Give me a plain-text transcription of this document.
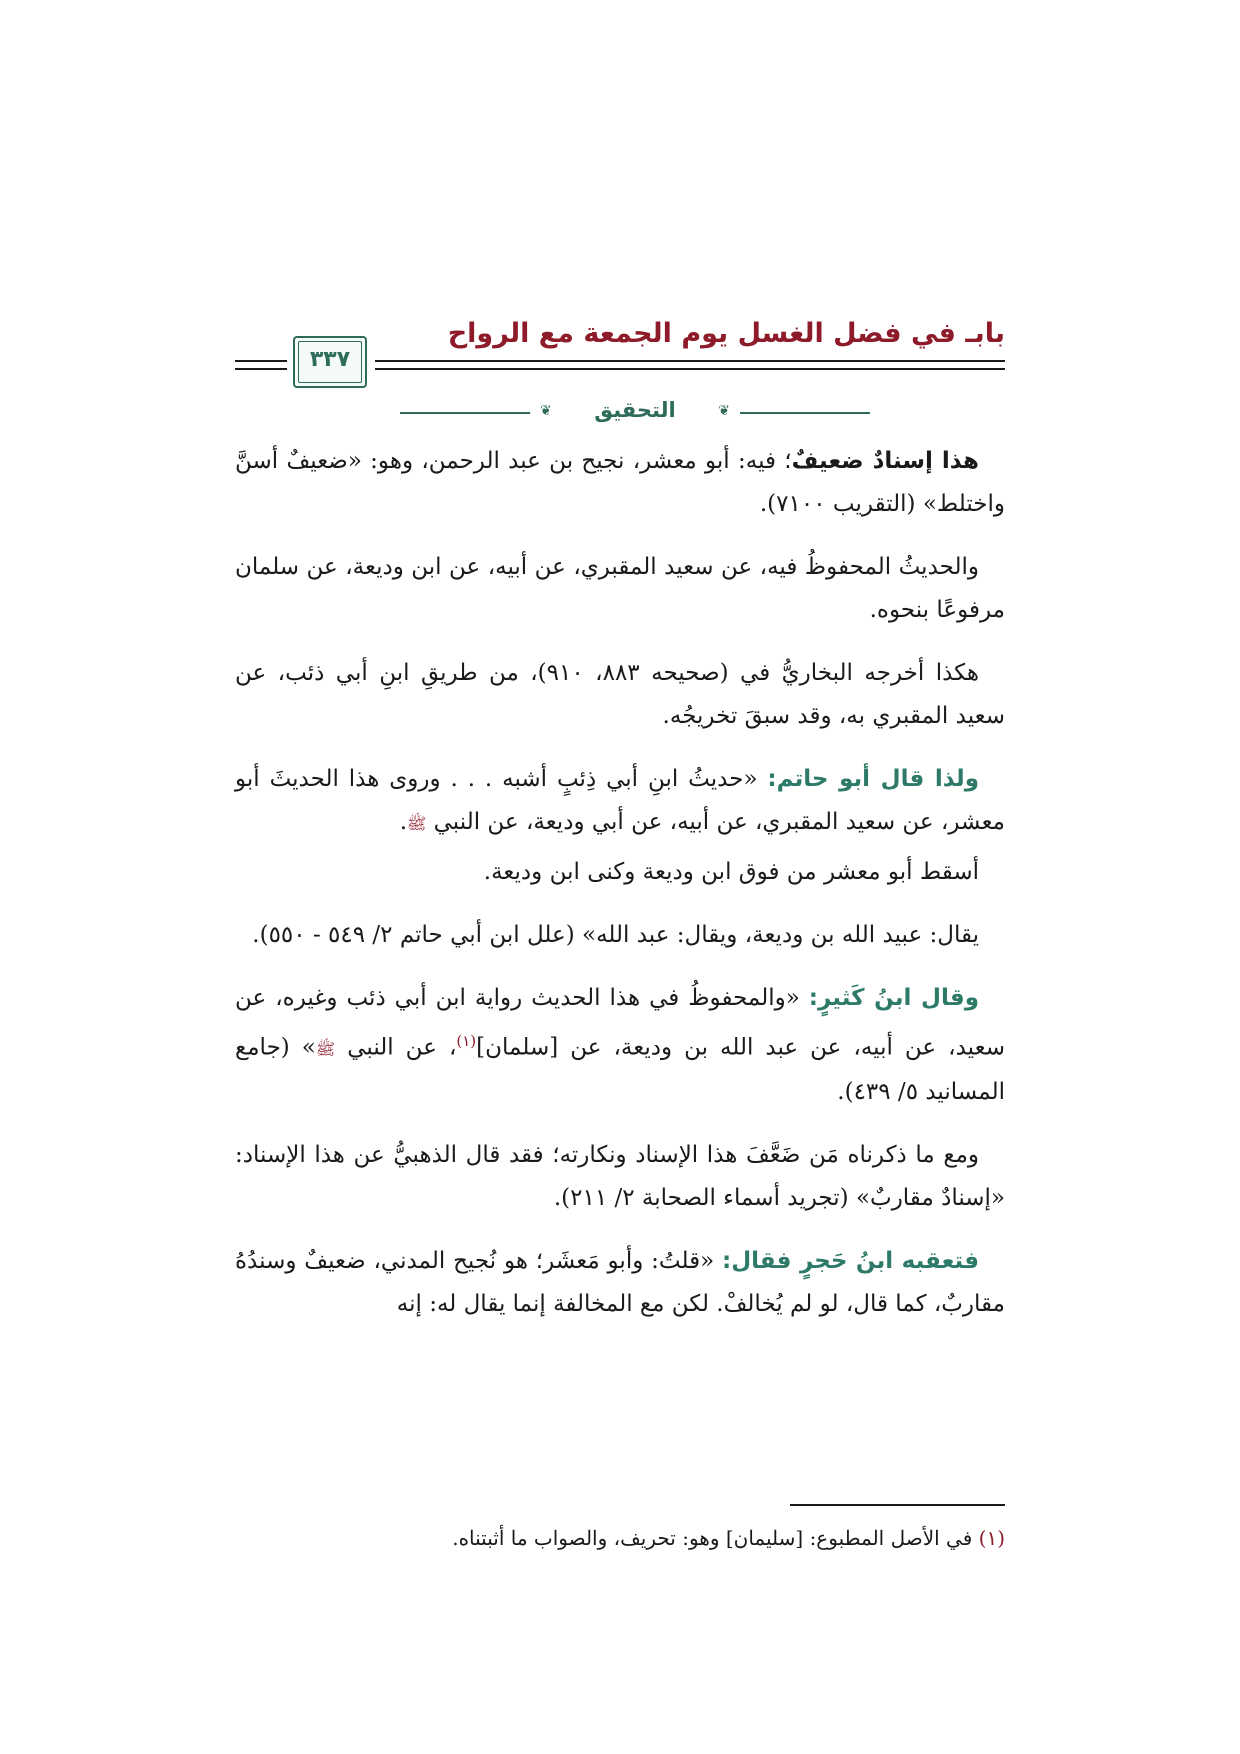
بابـ في فضل الغسل يوم الجمعة مع الرواح
٣٣٧
❦	التحقيق	❦

هذا إسنادٌ ضعيفٌ؛ فيه: أبو معشر، نجيح بن عبد الرحمن، وهو: «ضعيفٌ أسنَّ واختلط» (التقريب ٧١٠٠).

والحديثُ المحفوظُ فيه، عن سعيد المقبري، عن أبيه، عن ابن وديعة، عن سلمان مرفوعًا بنحوه.

هكذا أخرجه البخاريُّ في (صحيحه ٨٨٣، ٩١٠)، من طريقِ ابنِ أبي ذئب، عن سعيد المقبري به، وقد سبقَ تخريجُه.

ولذا قال أبو حاتم: «حديثُ ابنِ أبي ذِئبٍ أشبه . . . وروى هذا الحديثَ أبو معشر، عن سعيد المقبري، عن أبيه، عن أبي وديعة، عن النبي ﷺ.

أسقط أبو معشر من فوق ابن وديعة وكنى ابن وديعة.

يقال: عبيد الله بن وديعة، ويقال: عبد الله» (علل ابن أبي حاتم ٢/ ٥٤٩ - ٥٥٠).

وقال ابنُ كَثيرٍ: «والمحفوظُ في هذا الحديث رواية ابن أبي ذئب وغيره، عن سعيد، عن أبيه، عن عبد الله بن وديعة، عن [سلمان]$^{(١)}$، عن النبي ﷺ» (جامع المسانيد ٥/ ٤٣٩).

ومع ما ذكرناه مَن ضَعَّفَ هذا الإسناد ونكارته؛ فقد قال الذهبيُّ عن هذا الإسناد: «إسنادٌ مقاربٌ» (تجريد أسماء الصحابة ٢/ ٢١١).

فتعقبه ابنُ حَجرٍ فقال: «قلتُ: وأبو مَعشَر؛ هو نُجيح المدني، ضعيفٌ وسندُهُ مقاربٌ، كما قال، لو لم يُخالفْ. لكن مع المخالفة إنما يقال له: إنه

(١) في الأصل المطبوع: [سليمان] وهو: تحريف، والصواب ما أثبتناه.
